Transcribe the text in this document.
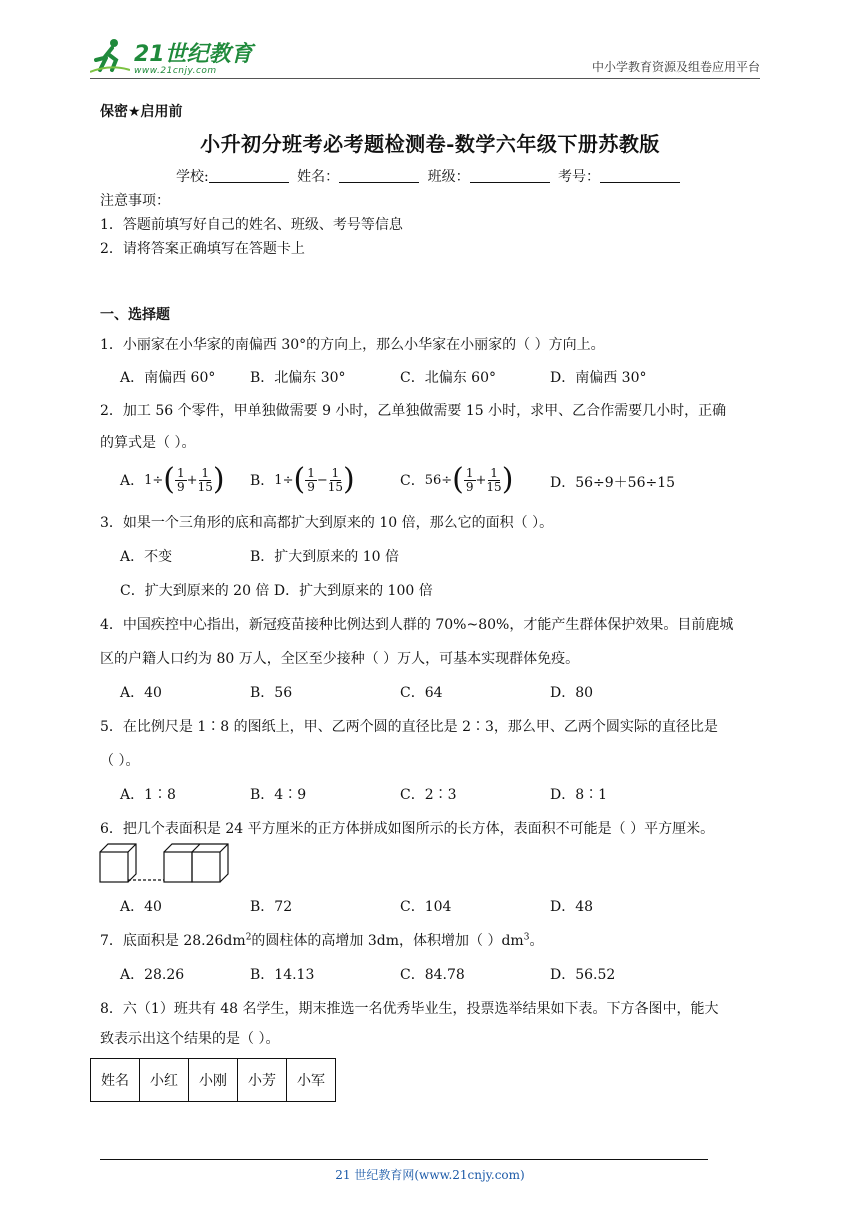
21世纪教育
www.21cnjy.com	中小学教育资源及组卷应用平台
保密★启用前
小升初分班考必考题检测卷-数学六年级下册苏教版
学校:	姓名：	班级：	考号：
注意事项：
1．答题前填写好自己的姓名、班级、考号等信息
2．请将答案正确填写在答题卡上
一、选择题
1．小丽家在小华家的南偏西 30°的方向上，那么小华家在小丽家的（ ）方向上。
A．南偏西 60° B．北偏东 30°	C．北偏东 60°	D．南偏西 30°
2．加工 56 个零件，甲单独做需要 9 小时，乙单独做需要 15 小时，求甲、乙合作需要几小时，正确
的算式是（ ）。
A． 1÷ ( $\frac{1}{9} + \frac{1}{15}$ ) B． 1÷ ( $\frac{1}{9} - \frac{1}{15}$ )	C． 56÷ ( $\frac{1}{9} + \frac{1}{15}$ )	D．56÷9＋56÷15
3．如果一个三角形的底和高都扩大到原来的 10 倍，那么它的面积（ ）。
A．不变	B．扩大到原来的 10 倍
C．扩大到原来的 20 倍 D．扩大到原来的 100 倍
4．中国疾控中心指出，新冠疫苗接种比例达到人群的 70%~80%，才能产生群体保护效果。目前鹿城
区的户籍人口约为 80 万人，全区至少接种（ ）万人，可基本实现群体免疫。
A．40	B．56	C．64	D．80
5．在比例尺是 1∶8 的图纸上，甲、乙两个圆的直径比是 2∶3，那么甲、乙两个圆实际的直径比是
（ ）。
A．1∶8	B．4∶9	C．2∶3	D．8∶1
6．把几个表面积是 24 平方厘米的正方体拼成如图所示的长方体，表面积不可能是（ ）平方厘米。
A．40	B．72	C．104	D．48
7．底面积是 $28.26dm^2$的圆柱体的高增加 3dm，体积增加（ ）$dm^3$。
A．28.26	B．14.13	C．84.78	D．56.52
8．六（1）班共有 48 名学生，期末推选一名优秀毕业生，投票选举结果如下表。下方各图中，能大
致表示出这个结果的是（ ）。
姓名	小红	小刚	小芳	小军
21 世纪教育网(www.21cnjy.com)
